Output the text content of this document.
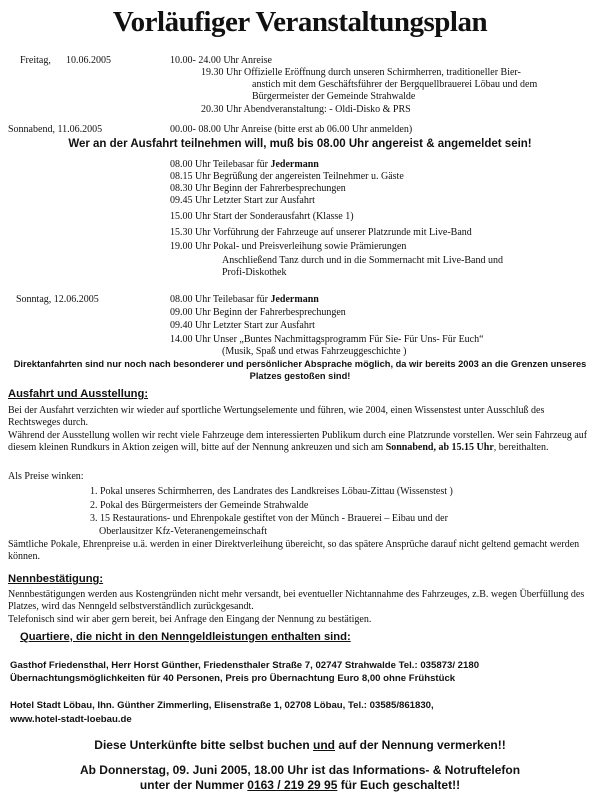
Vorläufiger Veranstaltungsplan
Freitag, 10.06.2005	10.00- 24.00 Uhr Anreise
19.30 Uhr Offizielle Eröffnung durch unseren Schirmherren, traditioneller Bier-
anstich mit dem Geschäftsführer der Bergquellbrauerei Löbau und dem
Bürgermeister der Gemeinde Strahwalde
20.30 Uhr Abendveranstaltung: - Oldi-Disko & PRS
Sonnabend, 11.06.2005	00.00- 08.00 Uhr Anreise (bitte erst ab 06.00 Uhr anmelden)
Wer an der Ausfahrt teilnehmen will, muß bis 08.00 Uhr angereist & angemeldet sein!
08.00 Uhr Teilebasar für Jedermann
08.15 Uhr Begrüßung der angereisten Teilnehmer u. Gäste
08.30 Uhr Beginn der Fahrerbesprechungen
09.45 Uhr Letzter Start zur Ausfahrt
15.00 Uhr Start der Sonderausfahrt (Klasse 1)
15.30 Uhr Vorführung der Fahrzeuge auf unserer Platzrunde mit Live-Band
19.00 Uhr Pokal- und Preisverleihung sowie Prämierungen
Anschließend Tanz durch und in die Sommernacht mit Live-Band und
Profi-Diskothek
Sonntag, 12.06.2005	08.00 Uhr Teilebasar für Jedermann
09.00 Uhr Beginn der Fahrerbesprechungen
09.40 Uhr Letzter Start zur Ausfahrt
14.00 Uhr Unser „Buntes Nachmittagsprogramm Für Sie- Für Uns- Für Euch“
(Musik, Spaß und etwas Fahrzeuggeschichte )
Direktanfahrten sind nur noch nach besonderer und persönlicher Absprache möglich, da wir bereits 2003 an die Grenzen unseres Platzes gestoßen sind!
Ausfahrt und Ausstellung:
Bei der Ausfahrt verzichten wir wieder auf sportliche Wertungselemente und führen, wie 2004, einen Wissenstest unter Ausschluß des Rechtsweges durch.
Während der Ausstellung wollen wir recht viele Fahrzeuge dem interessierten Publikum durch eine Platzrunde vorstellen. Wer sein Fahrzeug auf diesem kleinen Rundkurs in Aktion zeigen will, bitte auf der Nennung ankreuzen und sich am Sonnabend, ab 15.15 Uhr, bereithalten.
Als Preise winken:
1. Pokal unseres Schirmherren, des Landrates des Landkreises Löbau-Zittau (Wissenstest )
2. Pokal des Bürgermeisters der Gemeinde Strahwalde
3. 15 Restaurations- und Ehrenpokale gestiftet von der Münch - Brauerei – Eibau und der
Oberlausitzer Kfz-Veteranengemeinschaft
Sämtliche Pokale, Ehrenpreise u.ä. werden in einer Direktverleihung übereicht, so das spätere Ansprüche darauf nicht geltend gemacht werden können.
Nennbestätigung:
Nennbestätigungen werden aus Kostengründen nicht mehr versandt, bei eventueller Nichtannahme des Fahrzeuges, z.B. wegen Überfüllung des Platzes, wird das Nenngeld selbstverständlich zurückgesandt.
Telefonisch sind wir aber gern bereit, bei Anfrage den Eingang der Nennung zu bestätigen.
Quartiere, die nicht in den Nenngeldleistungen enthalten sind:
Gasthof Friedensthal, Herr Horst Günther, Friedensthaler Straße 7, 02747 Strahwalde Tel.: 035873/ 2180
Übernachtungsmöglichkeiten für 40 Personen, Preis pro Übernachtung Euro 8,00 ohne Frühstück
Hotel Stadt Löbau, Ihn. Günther Zimmerling, Elisenstraße 1, 02708 Löbau, Tel.: 03585/861830,
www.hotel-stadt-loebau.de
Diese Unterkünfte bitte selbst buchen und auf der Nennung vermerken!!
Ab Donnerstag, 09. Juni 2005, 18.00 Uhr ist das Informations- & Notruftelefon
unter der Nummer 0163 / 219 29 95 für Euch geschaltet!!
